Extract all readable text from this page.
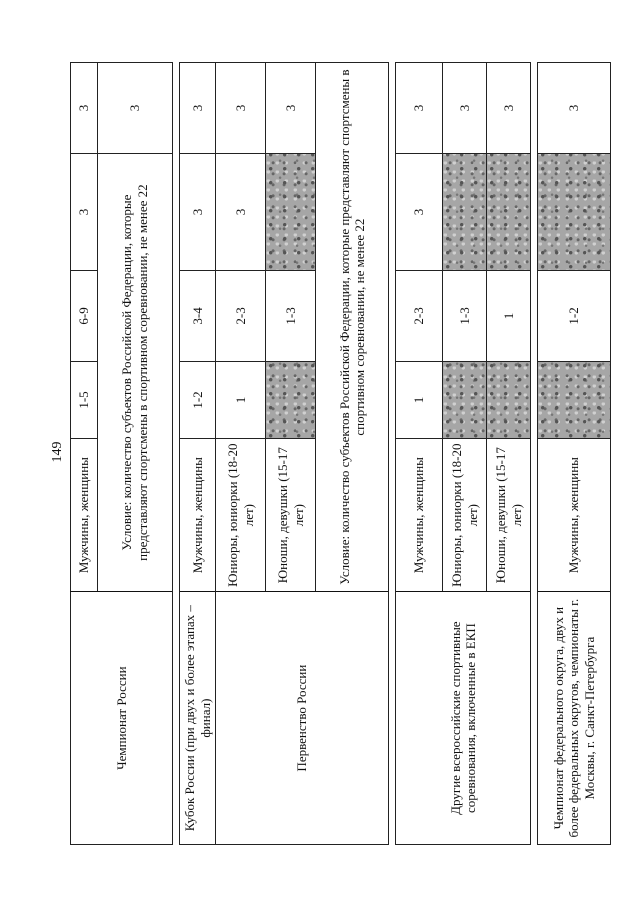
149
Чемпионат России	Мужчины, женщины	1-5	6-9	3	3
	Условие: количество субъектов Российской Федерации, которые представляют спортсмены в спортивном соревновании, не менее 22				3

Кубок России (при двух и более этапах – финал)	Мужчины, женщины	1-2	3-4	3	3
Первенство России	Юниоры, юниорки (18-20 лет)	1	2-3	3	3
	Юноши, девушки (15-17 лет)		1-3		3
	Условие: количество субъектов Российской Федерации, которые представляют спортсмены в спортивном соревновании, не менее 22				

Другие всероссийские спортивные соревнования, включенные в ЕКП	Мужчины, женщины	1	2-3	3	3
	Юниоры, юниорки (18-20 лет)		1-3		3
	Юноши, девушки (15-17 лет)		1		3

Чемпионат федерального округа, двух и более федеральных округов, чемпионаты г. Москвы, г. Санкт-Петербурга	Мужчины, женщины		1-2		3
